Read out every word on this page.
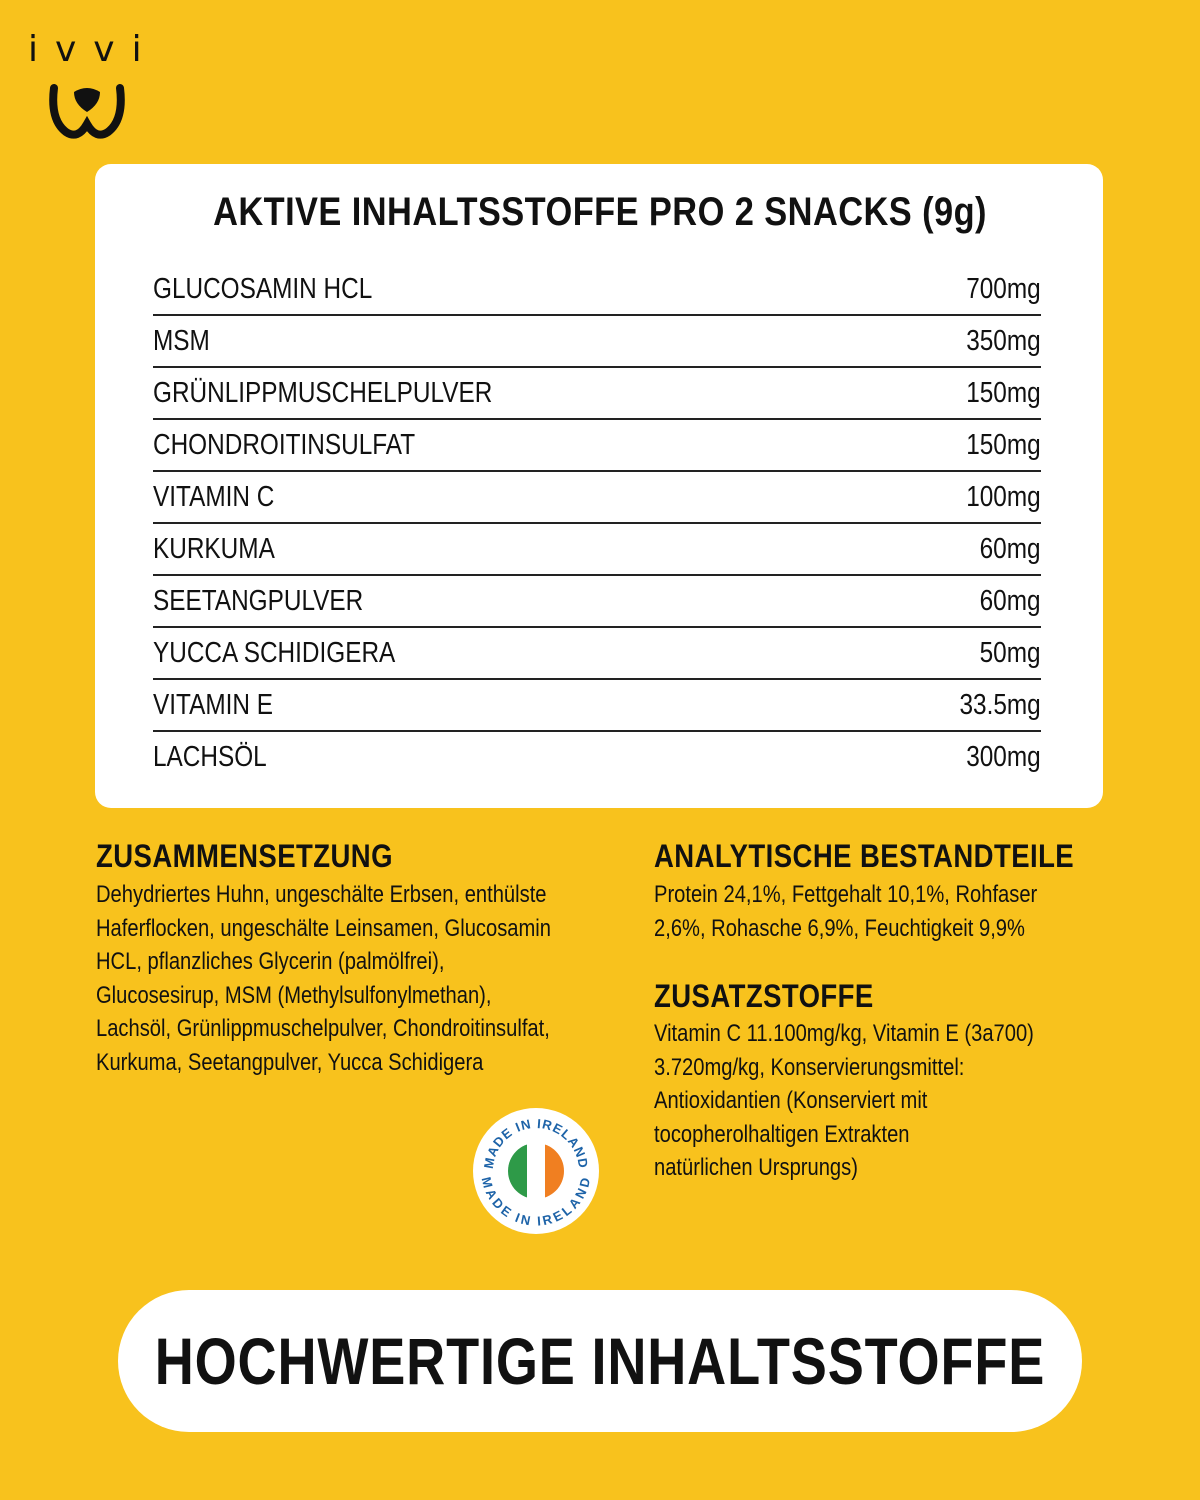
ivvi
AKTIVE INHALTSSTOFFE PRO 2 SNACKS (9g)
GLUCOSAMIN HCL	700mg
MSM	350mg
GRÜNLIPPMUSCHELPULVER	150mg
CHONDROITINSULFAT	150mg
VITAMIN C	100mg
KURKUMA	60mg
SEETANGPULVER	60mg
YUCCA SCHIDIGERA	50mg
VITAMIN E	33.5mg
LACHSÖL	300mg
ZUSAMMENSETZUNG
Dehydriertes Huhn, ungeschälte Erbsen, enthülste
Haferflocken, ungeschälte Leinsamen, Glucosamin
HCL, pflanzliches Glycerin (palmölfrei),
Glucosesirup, MSM (Methylsulfonylmethan),
Lachsöl, Grünlippmuschelpulver, Chondroitinsulfat,
Kurkuma, Seetangpulver, Yucca Schidigera
ANALYTISCHE BESTANDTEILE
Protein 24,1%, Fettgehalt 10,1%, Rohfaser
2,6%, Rohasche 6,9%, Feuchtigkeit 9,9%
ZUSATZSTOFFE
Vitamin C 11.100mg/kg, Vitamin E (3a700)
3.720mg/kg, Konservierungsmittel:
Antioxidantien (Konserviert mit
tocopherolhaltigen Extrakten
natürlichen Ursprungs)
MADE IN IRELAND
MADE IN IRELAND
HOCHWERTIGE INHALTSSTOFFE
